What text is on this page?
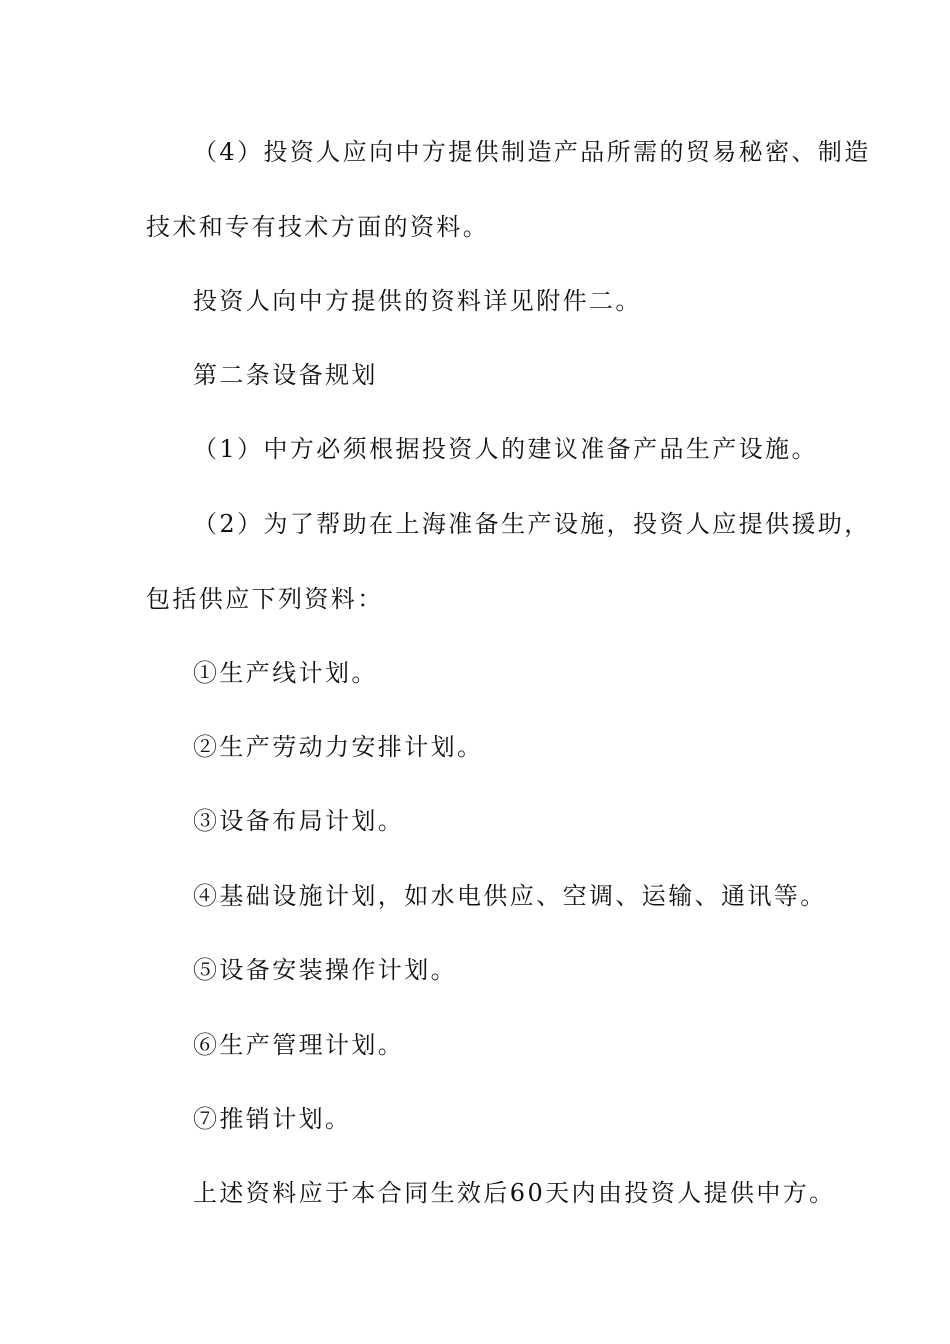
（4）投资人应向中方提供制造产品所需的贸易秘密、制造
技术和专有技术方面的资料。
投资人向中方提供的资料详见附件二。
第二条设备规划
（1）中方必须根据投资人的建议准备产品生产设施。
（2）为了帮助在上海准备生产设施，投资人应提供援助，
包括供应下列资料：
①生产线计划。
②生产劳动力安排计划。
③设备布局计划。
④基础设施计划，如水电供应、空调、运输、通讯等。
⑤设备安装操作计划。
⑥生产管理计划。
⑦推销计划。
上述资料应于本合同生效后60天内由投资人提供中方。
